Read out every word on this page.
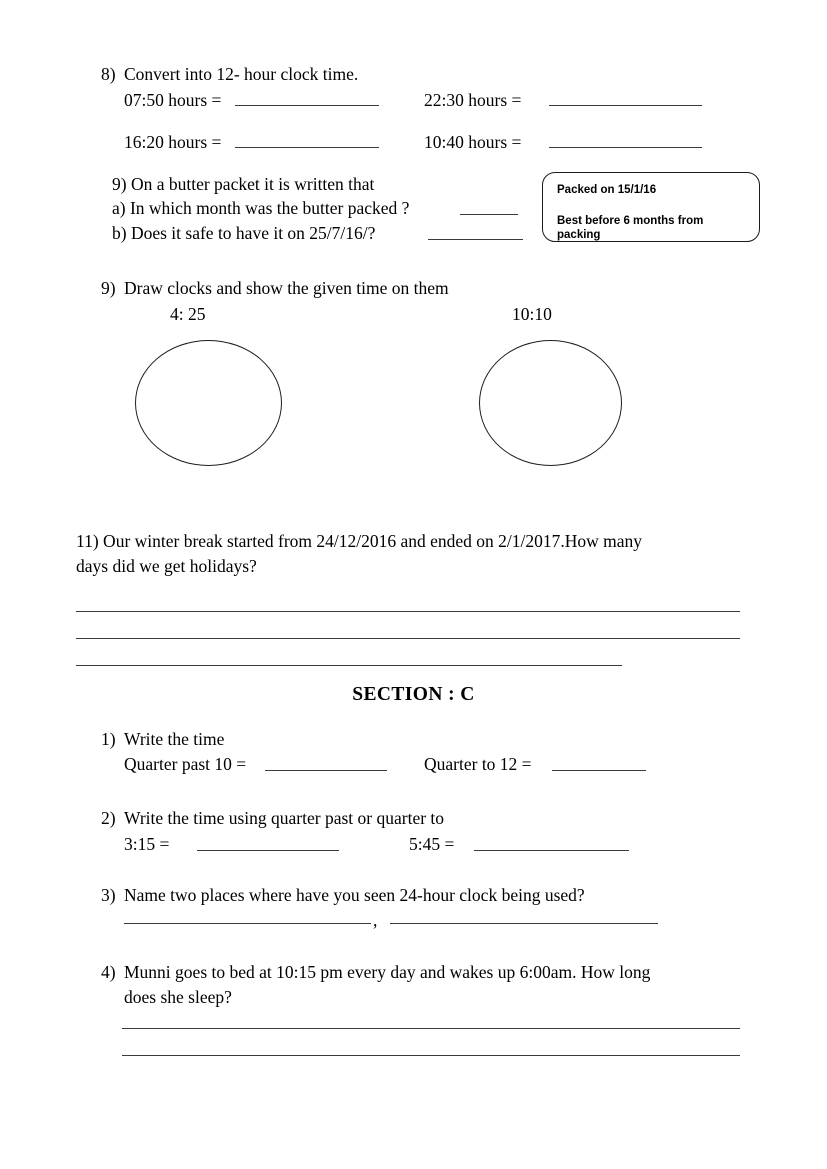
8) Convert into 12- hour clock time.
07:50 hours =	22:30 hours =
16:20 hours =	10:40 hours =
9) On a butter packet it is written that
a) In which month was the butter packed ?
b) Does it safe to have it on 25/7/16/?
Packed on 15/1/16
Best before 6 months from packing
9) Draw clocks and show the given time on them
4: 25	10:10
11) Our winter break started from 24/12/2016 and ended on 2/1/2017.How many
days did we get holidays?
SECTION : C
1) Write the time
Quarter past 10 =	Quarter to 12 =
2) Write the time using quarter past or quarter to
3:15 =	5:45 =
3) Name two places where have you seen 24-hour clock being used?
,
4) Munni goes to bed at 10:15 pm every day and wakes up 6:00am. How long
does she sleep?
